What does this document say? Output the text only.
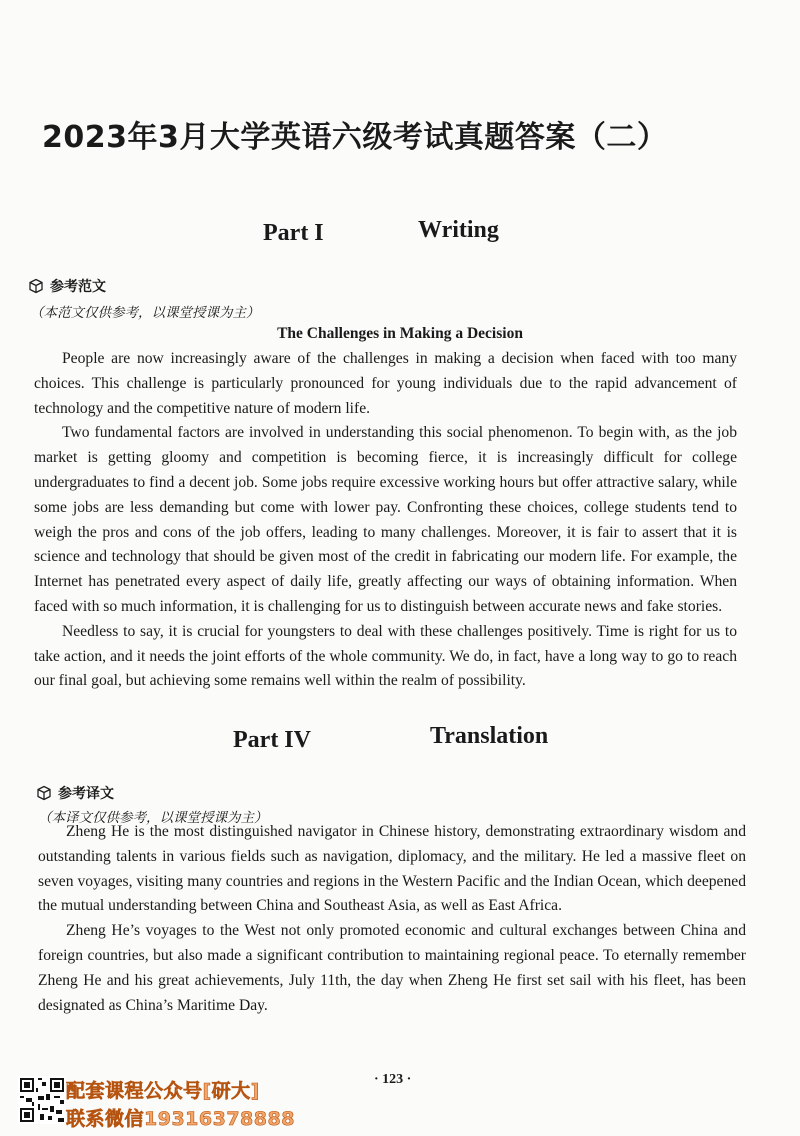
2023年3月大学英语六级考试真题答案（二）
Part I	Writing
参考范文
（本范文仅供参考，以课堂授课为主）
The Challenges in Making a Decision

People are now increasingly aware of the challenges in making a decision when faced with too many choices. This challenge is particularly pronounced for young individuals due to the rapid advancement of technology and the competitive nature of modern life.

Two fundamental factors are involved in understanding this social phenomenon. To begin with, as the job market is getting gloomy and competition is becoming fierce, it is increasingly difficult for college undergraduates to find a decent job. Some jobs require excessive working hours but offer attractive salary, while some jobs are less demanding but come with lower pay. Confronting these choices, college students tend to weigh the pros and cons of the job offers, leading to many challenges. Moreover, it is fair to assert that it is science and technology that should be given most of the credit in fabricating our modern life. For example, the Internet has penetrated every aspect of daily life, greatly affecting our ways of obtaining information. When faced with so much information, it is challenging for us to distinguish between accurate news and fake stories.

Needless to say, it is crucial for youngsters to deal with these challenges positively. Time is right for us to take action, and it needs the joint efforts of the whole community. We do, in fact, have a long way to go to reach our final goal, but achieving some remains well within the realm of possibility.

Part IV	Translation
参考译文
（本译文仅供参考，以课堂授课为主）

Zheng He is the most distinguished navigator in Chinese history, demonstrating extraordinary wisdom and outstanding talents in various fields such as navigation, diplomacy, and the military. He led a massive fleet on seven voyages, visiting many countries and regions in the Western Pacific and the Indian Ocean, which deepened the mutual understanding between China and Southeast Asia, as well as East Africa.

Zheng He’s voyages to the West not only promoted economic and cultural exchanges between China and foreign countries, but also made a significant contribution to maintaining regional peace. To eternally remember Zheng He and his great achievements, July 11th, the day when Zheng He first set sail with his fleet, has been designated as China’s Maritime Day.

· 123 ·
配套课程公众号[研大]
联系微信19316378888
